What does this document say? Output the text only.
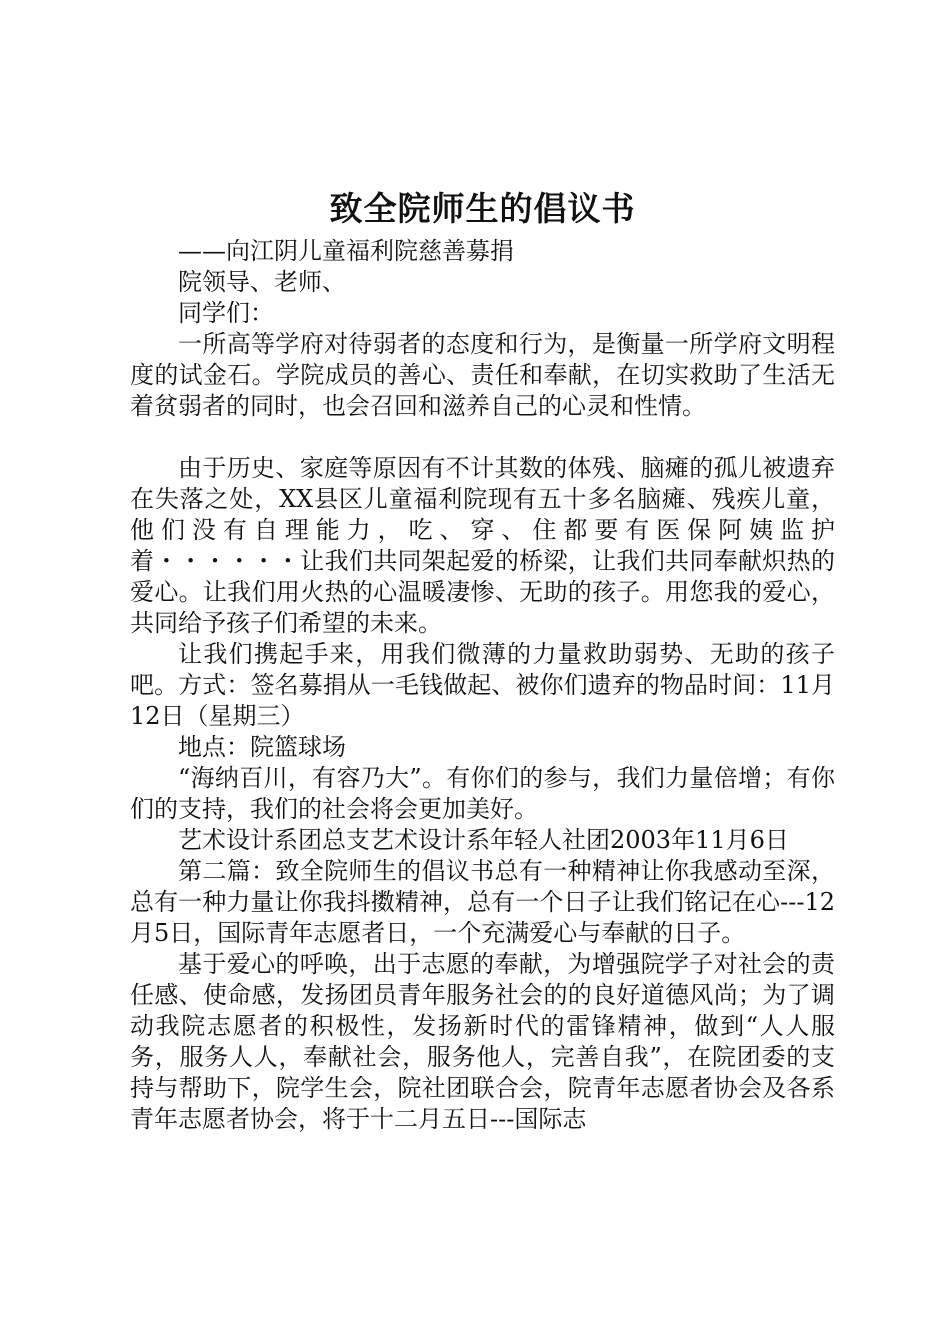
致全院师生的倡议书

——向江阴儿童福利院慈善募捐

院领导、老师、

同学们：

一所高等学府对待弱者的态度和行为，是衡量一所学府文明程度的试金石。学院成员的善心、责任和奉献，在切实救助了生活无着贫弱者的同时，也会召回和滋养自己的心灵和性情。

由于历史、家庭等原因有不计其数的体残、脑瘫的孤儿被遗弃在失落之处，XX县区儿童福利院现有五十多名脑瘫、残疾儿童，他们没有自理能力，吃、穿、住都要有医保阿姨监护着・・・・・・让我们共同架起爱的桥梁，让我们共同奉献炽热的爱心。让我们用火热的心温暖凄惨、无助的孩子。用您我的爱心，共同给予孩子们希望的未来。

让我们携起手来，用我们微薄的力量救助弱势、无助的孩子吧。方式：签名募捐从一毛钱做起、被你们遗弃的物品时间：11月12日（星期三）

地点：院篮球场

“海纳百川，有容乃大”。有你们的参与，我们力量倍增；有你们的支持，我们的社会将会更加美好。

艺术设计系团总支艺术设计系年轻人社团2003年11月6日

第二篇：致全院师生的倡议书总有一种精神让你我感动至深，总有一种力量让你我抖擞精神，总有一个日子让我们铭记在心---12月5日，国际青年志愿者日，一个充满爱心与奉献的日子。

基于爱心的呼唤，出于志愿的奉献，为增强院学子对社会的责任感、使命感，发扬团员青年服务社会的的良好道德风尚；为了调动我院志愿者的积极性，发扬新时代的雷锋精神，做到“人人服务，服务人人，奉献社会，服务他人，完善自我”，在院团委的支持与帮助下，院学生会，院社团联合会，院青年志愿者协会及各系青年志愿者协会，将于十二月五日---国际志
